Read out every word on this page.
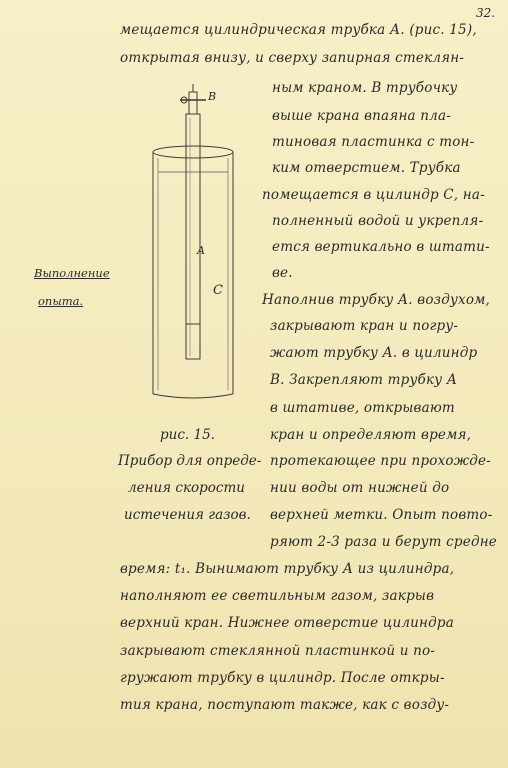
32.
мещается цилиндрическая трубка А. (рис. 15),
открытая внизу, и сверху запирная стеклян-
ным краном. В трубочку
выше крана впаяна пла-
тиновая пластинка с тон-
ким отверстием. Трубка
помещается в цилиндр С, на-
полненный водой и укрепля-
ется вертикально в штати-
ве.
Наполнив трубку А. воздухом,
закрывают кран и погру-
жают трубку А. в цилиндр
В. Закрепляют трубку А
в штативе, открывают
кран и определяют время,
протекающее при прохожде-
нии воды от нижней до
верхней метки. Опыт повто-
ряют 2-3 раза и берут средне
время: t₁. Вынимают трубку А из цилиндра,
наполняют ее светильным газом, закрыв
верхний кран. Нижнее отверстие цилиндра
закрывают стеклянной пластинкой и по-
гружают трубку в цилиндр. После откры-
тия крана, поступают также, как с возду-
Выполнение
опыта.
B
A
C
рис. 15.
Прибор для опреде-
ления скорости
истечения газов.
